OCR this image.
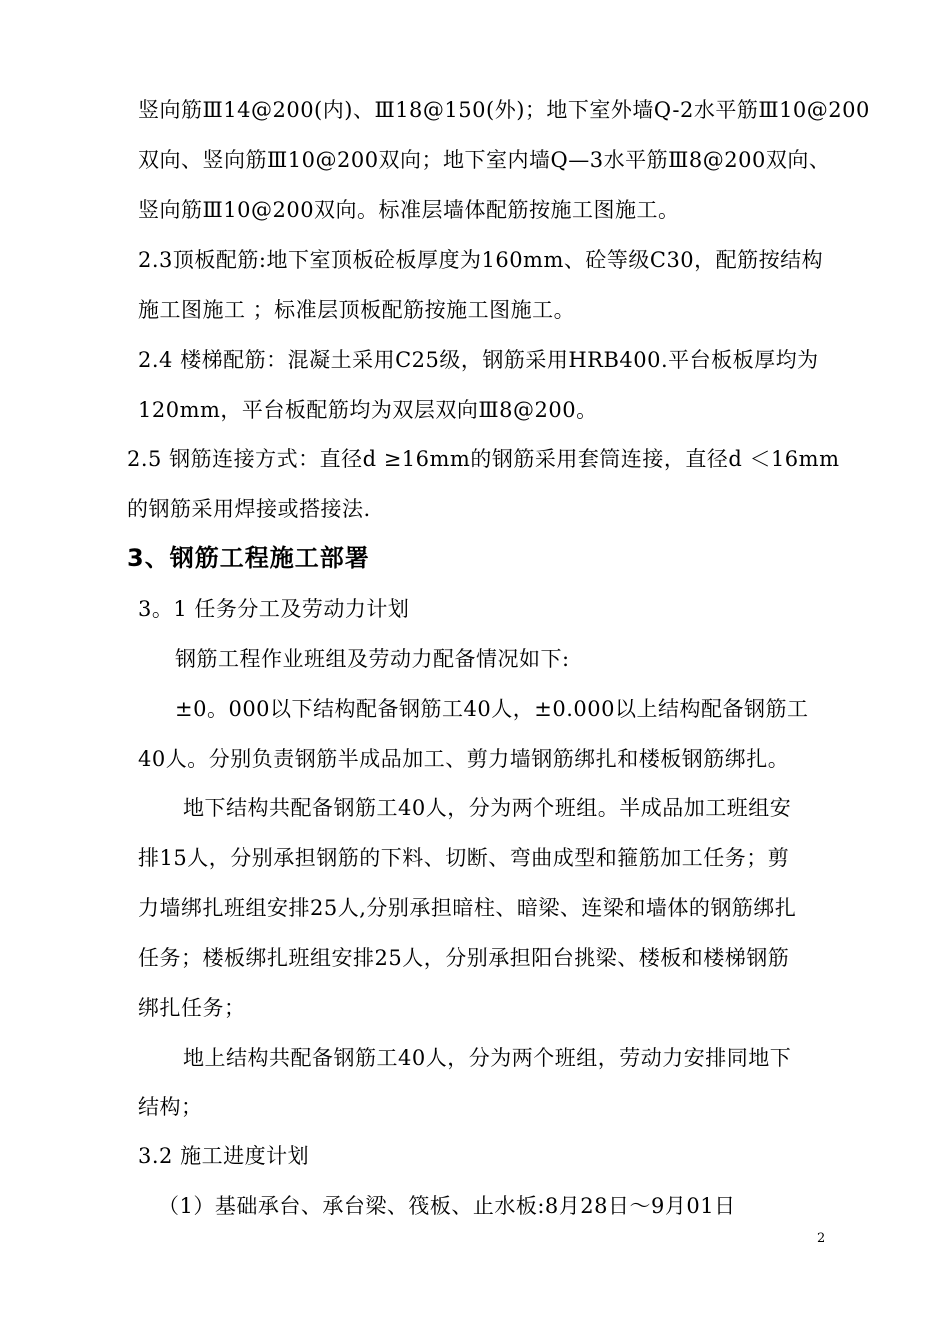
竖向筋Ⅲ14@200(内)、Ⅲ18@150(外)；地下室外墙Q-2水平筋Ⅲ10@200
双向、竖向筋Ⅲ10@200双向；地下室内墙Q—3水平筋Ⅲ8@200双向、
竖向筋Ⅲ10@200双向。标准层墙体配筋按施工图施工。
2.3顶板配筋:地下室顶板砼板厚度为160mm、砼等级C30，配筋按结构
施工图施工 ；标准层顶板配筋按施工图施工。
2.4 楼梯配筋：混凝土采用C25级，钢筋采用HRB400.平台板板厚均为
120mm，平台板配筋均为双层双向Ⅲ8@200。
2.5 钢筋连接方式：直径d ≥16mm的钢筋采用套筒连接，直径d ＜16mm
的钢筋采用焊接或搭接法.
3、钢筋工程施工部署
3。1 任务分工及劳动力计划
钢筋工程作业班组及劳动力配备情况如下:
±0。000以下结构配备钢筋工40人，±0.000以上结构配备钢筋工
40人。分别负责钢筋半成品加工、剪力墙钢筋绑扎和楼板钢筋绑扎。
地下结构共配备钢筋工40人，分为两个班组。半成品加工班组安
排15人，分别承担钢筋的下料、切断、弯曲成型和箍筋加工任务；剪
力墙绑扎班组安排25人,分别承担暗柱、暗梁、连梁和墙体的钢筋绑扎
任务；楼板绑扎班组安排25人，分别承担阳台挑梁、楼板和楼梯钢筋
绑扎任务；
地上结构共配备钢筋工40人，分为两个班组，劳动力安排同地下
结构；
3.2 施工进度计划
（1）基础承台、承台梁、筏板、止水板:8月28日～9月01日
2
